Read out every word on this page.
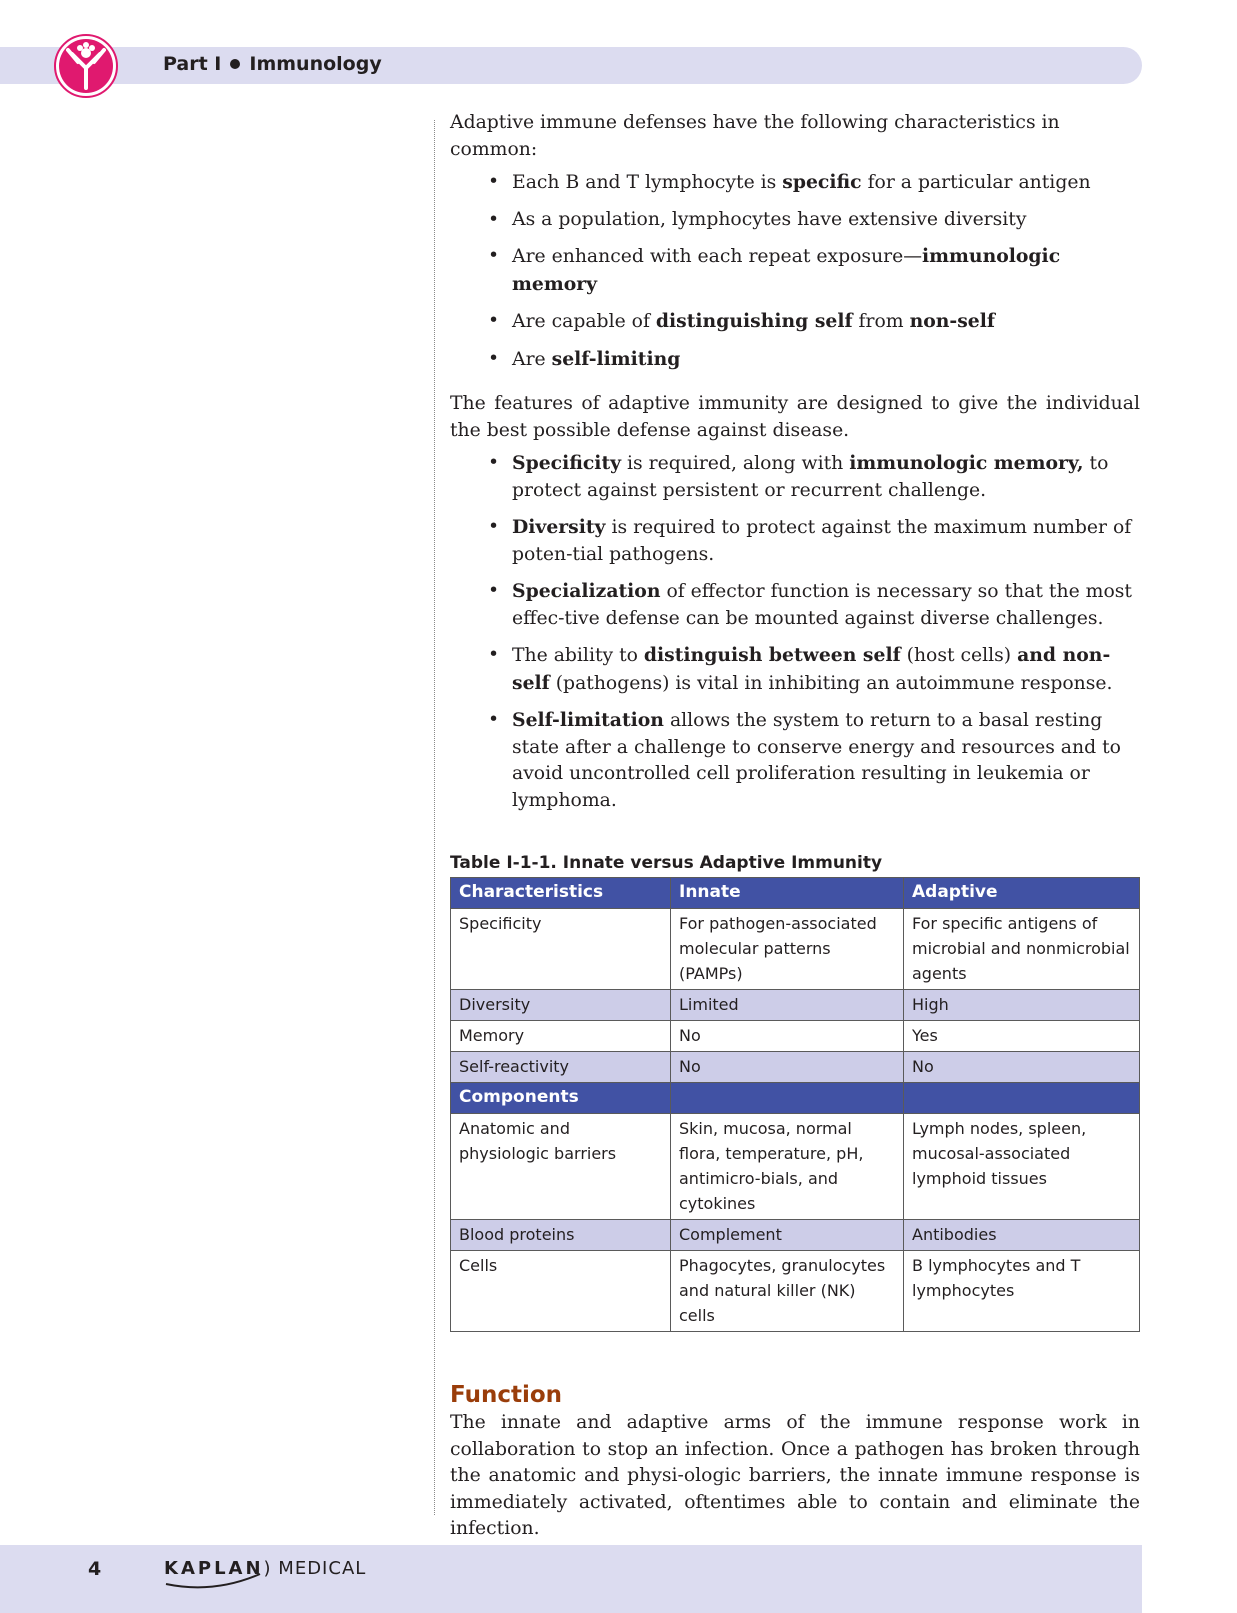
Part I Immunology

Adaptive immune defenses have the following characteristics in common:

• Each B and T lymphocyte is specific for a particular antigen
• As a population, lymphocytes have extensive diversity
• Are enhanced with each repeat exposure—immunologic memory
• Are capable of distinguishing self from non-self
• Are self-limiting

The features of adaptive immunity are designed to give the individual the best possible defense against disease.

• Specificity is required, along with immunologic memory, to protect against persistent or recurrent challenge.
• Diversity is required to protect against the maximum number of poten-tial pathogens.
• Specialization of effector function is necessary so that the most effec-tive defense can be mounted against diverse challenges.
• The ability to distinguish between self (host cells) and non-self (pathogens) is vital in inhibiting an autoimmune response.
• Self-limitation allows the system to return to a basal resting state after a challenge to conserve energy and resources and to avoid uncontrolled cell proliferation resulting in leukemia or lymphoma.
Table I-1-1. Innate versus Adaptive Immunity
Characteristics	Innate	Adaptive
Specificity	For pathogen-associated molecular patterns (PAMPs)	For specific antigens of microbial and nonmicrobial agents
Diversity	Limited	High
Memory	No	Yes
Self-reactivity	No	No
Components		
Anatomic and physiologic barriers	Skin, mucosa, normal flora, temperature, pH, antimicro-bials, and cytokines	Lymph nodes, spleen, mucosal-associated lymphoid tissues
Blood proteins	Complement	Antibodies
Cells	Phagocytes, granulocytes and natural killer (NK) cells	B lymphocytes and T lymphocytes
Function

The innate and adaptive arms of the immune response work in collaboration to stop an infection. Once a pathogen has broken through the anatomic and physi-ologic barriers, the innate immune response is immediately activated, oftentimes able to contain and eliminate the infection.

4	KAPLAN) MEDICAL
